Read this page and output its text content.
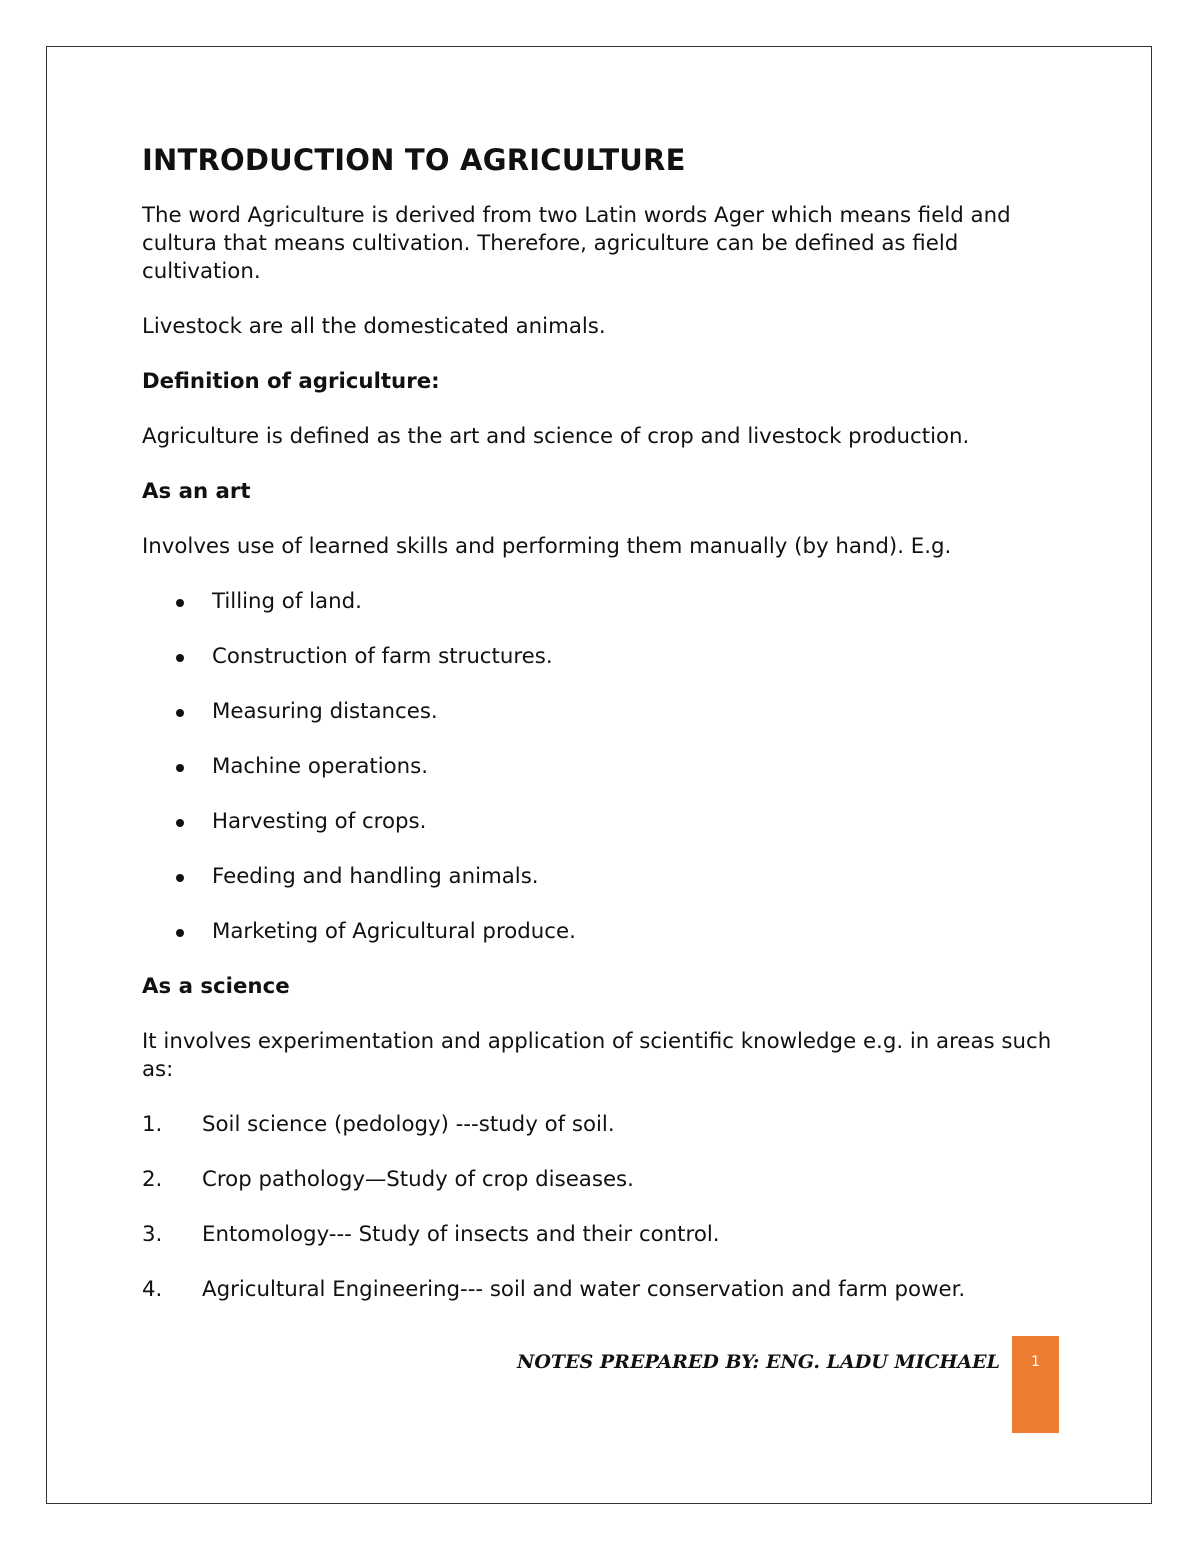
INTRODUCTION TO AGRICULTURE

The word Agriculture is derived from two Latin words Ager which means field and cultura that means cultivation. Therefore, agriculture can be defined as field cultivation.

Livestock are all the domesticated animals.

Definition of agriculture:

Agriculture is defined as the art and science of crop and livestock production.

As an art

Involves use of learned skills and performing them manually (by hand). E.g.

Tilling of land.
Construction of farm structures.
Measuring distances.
Machine operations.
Harvesting of crops.
Feeding and handling animals.
Marketing of Agricultural produce.
As a science

It involves experimentation and application of scientific knowledge e.g. in areas such as:

1. Soil science (pedology) ---study of soil.
2. Crop pathology—Study of crop diseases.
3. Entomology--- Study of insects and their control.
4. Agricultural Engineering--- soil and water conservation and farm power.
NOTES PREPARED BY: ENG. LADU MICHAEL	1
